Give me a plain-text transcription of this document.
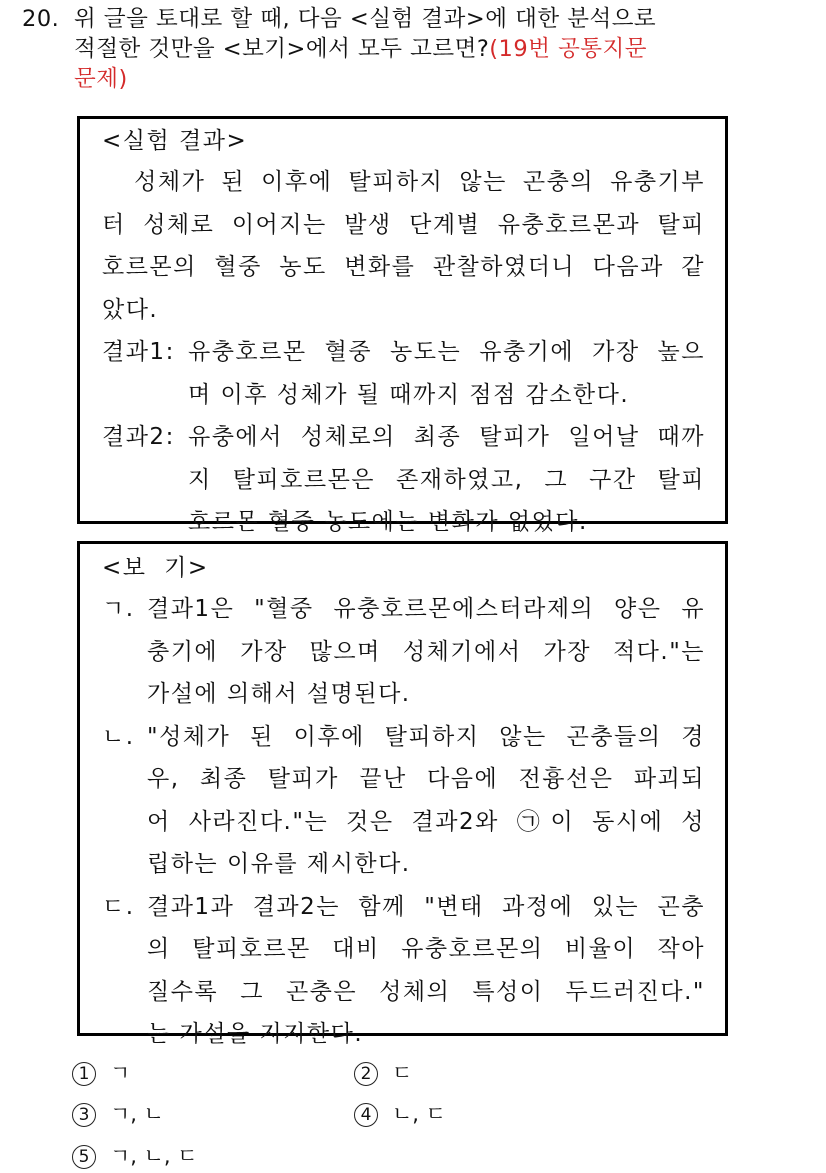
20. 위 글을 토대로 할 때, 다음 <실험 결과>에 대한 분석으로
적절한 것만을 <보기>에서 모두 고르면?(19번 공통지문
문제)
<실험 결과>
성체가 된 이후에 탈피하지 않는 곤충의 유충기부
터 성체로 이어지는 발생 단계별 유충호르몬과 탈피
호르몬의 혈중 농도 변화를 관찰하였더니 다음과 같
았다.
결과1: 유충호르몬 혈중 농도는 유충기에 가장 높으
며 이후 성체가 될 때까지 점점 감소한다.
결과2: 유충에서 성체로의 최종 탈피가 일어날 때까
지 탈피호르몬은 존재하였고, 그 구간 탈피
호르몬 혈중 농도에는 변화가 없었다.
<보  기>
ㄱ. 결과1은 "혈중 유충호르몬에스터라제의 양은 유
충기에 가장 많으며 성체기에서 가장 적다."는
가설에 의해서 설명된다.
ㄴ. "성체가 된 이후에 탈피하지 않는 곤충들의 경
우, 최종 탈피가 끝난 다음에 전흉선은 파괴되
어 사라진다."는 것은 결과2와 ㉠이 동시에 성
립하는 이유를 제시한다.
ㄷ. 결과1과 결과2는 함께 "변태 과정에 있는 곤충
의 탈피호르몬 대비 유충호르몬의 비율이 작아
질수록 그 곤충은 성체의 특성이 두드러진다."
는 가설을 지지한다.
1 ㄱ	2 ㄷ
3 ㄱ, ㄴ	4 ㄴ, ㄷ
5 ㄱ, ㄴ, ㄷ
